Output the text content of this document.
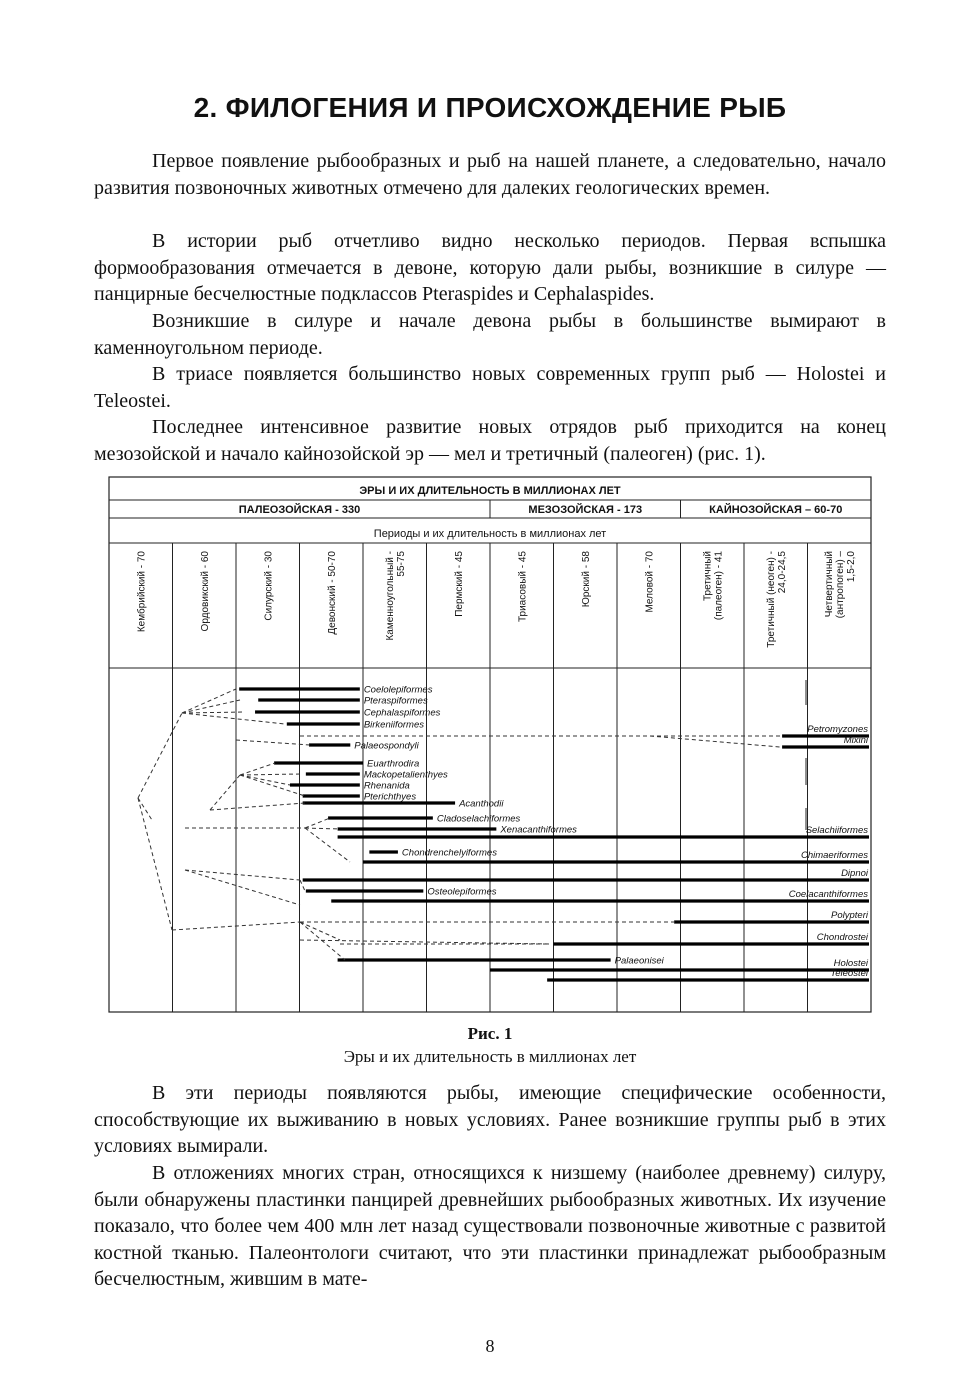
2. ФИЛОГЕНИЯ И ПРОИСХОЖДЕНИЕ РЫБ

Первое появление рыбообразных и рыб на нашей планете, а следовательно, начало развития позвоночных животных отмечено для далеких геологических времен.

В истории рыб отчетливо видно несколько периодов. Первая вспышка формообразования отмечается в девоне, которую дали рыбы, возникшие в силуре — панцирные бесчелюстные подклассов Pteraspides и Cephalaspides.

Возникшие в силуре и начале девона рыбы в большинстве вымирают в каменноугольном периоде.

В триасе появляется большинство новых современных групп рыб — Holostei и Teleostei.

Последнее интенсивное развитие новых отрядов рыб приходится на конец мезозойской и начало кайнозойской эр — мел и третичный (палеоген) (рис. 1).

ЭРЫ И ИХ ДЛИТЕЛЬНОСТЬ В МИЛЛИОНАХ ЛЕТ
Периоды и их длительность в миллионах лет
ПАЛЕОЗОЙСКАЯ - 330	МЕЗОЗОЙСКАЯ - 173	КАЙНОЗОЙСКАЯ – 60-70
Кембрийский - 70	Ордовикский - 60	Силурский - 30	Девонский - 50-70	Каменноугольный -55-75	Пермский - 45	Триасовый - 45	Юрский - 58	Меловой - 70	Третичный(палеоген) - 41	Третичный (неоген) -24,0-24,5	Четвертичный(антропоген) –1,5-2,0
Coelolepiformes
Pteraspiformes
Cephalaspiformes
Birkeniiformes
Palaeospondyli
Euarthrodira
Mackopetalienthyes
Rhenanida
Pterichthyes
Acanthodii
Cladoselachiformes
Xenacanthiformes
Chondrenchelyiformes
Osteolepiformes
Palaeonisei
Petromyzones
Mixini
Selachiiformes
Chimaeriformes
Dipnoi
Coelacanthiformes
Polypteri
Chondrostei
Holostei
Teleostei
Рис. 1
Эры и их длительность в миллионах лет

В эти периоды появляются рыбы, имеющие специфические особенности, способствующие их выживанию в новых условиях. Ранее возникшие группы рыб в этих условиях вымирали.

В отложениях многих стран, относящихся к низшему (наиболее древнему) силуру, были обнаружены пластинки панцирей древнейших рыбообразных животных. Их изучение показало, что более чем 400 млн лет назад существовали позвоночные животные с развитой костной тканью. Палеонтологи считают, что эти пластинки принадлежат рыбообразным бесчелюстным, жившим в мате-

8
